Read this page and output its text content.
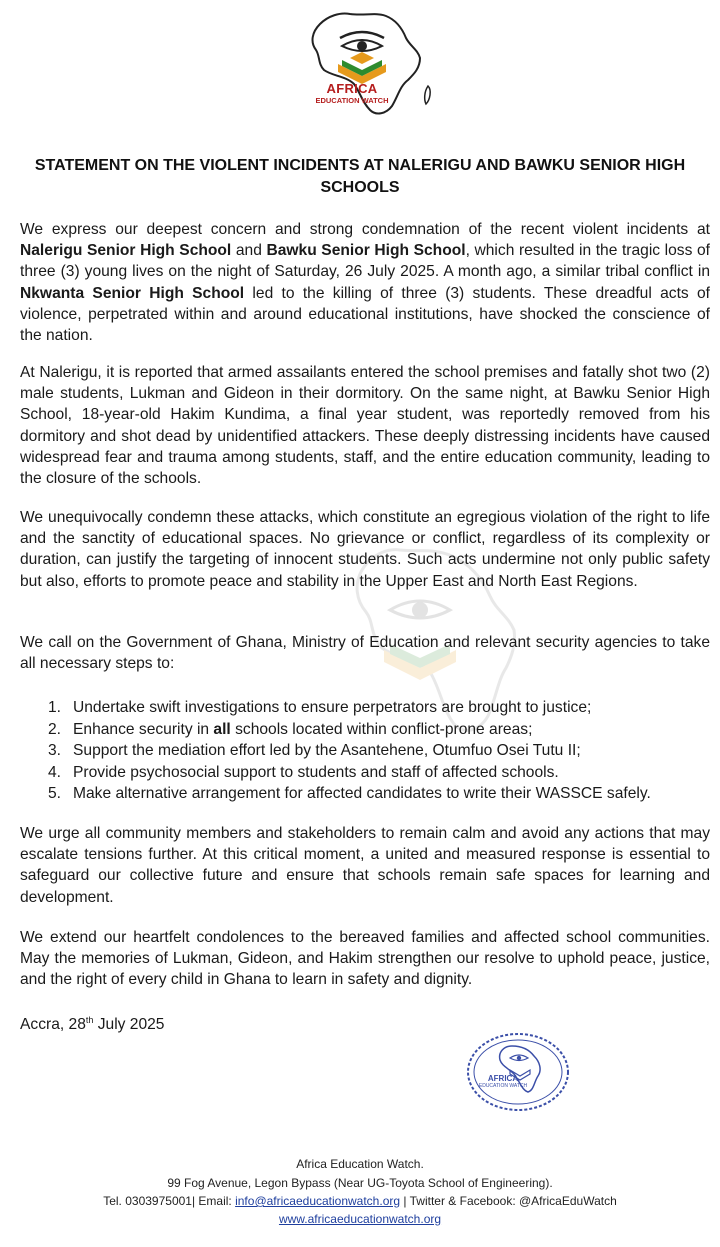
AFRICA
EDUCATION WATCH
STATEMENT ON THE VIOLENT INCIDENTS AT NALERIGU AND BAWKU SENIOR HIGH SCHOOLS

We express our deepest concern and strong condemnation of the recent violent incidents at Nalerigu Senior High School and Bawku Senior High School, which resulted in the tragic loss of three (3) young lives on the night of Saturday, 26 July 2025. A month ago, a similar tribal conflict in Nkwanta Senior High School led to the killing of three (3) students. These dreadful acts of violence, perpetrated within and around educational institutions, have shocked the conscience of the nation.

At Nalerigu, it is reported that armed assailants entered the school premises and fatally shot two (2) male students, Lukman and Gideon in their dormitory. On the same night, at Bawku Senior High School, 18-year-old Hakim Kundima, a final year student, was reportedly removed from his dormitory and shot dead by unidentified attackers. These deeply distressing incidents have caused widespread fear and trauma among students, staff, and the entire education community, leading to the closure of the schools.

We unequivocally condemn these attacks, which constitute an egregious violation of the right to life and the sanctity of educational spaces. No grievance or conflict, regardless of its complexity or duration, can justify the targeting of innocent students. Such acts undermine not only public safety but also, efforts to promote peace and stability in the Upper East and North East Regions.

We call on the Government of Ghana, Ministry of Education and relevant security agencies to take all necessary steps to:

1. Undertake swift investigations to ensure perpetrators are brought to justice;
2. Enhance security in all schools located within conflict-prone areas;
3. Support the mediation effort led by the Asantehene, Otumfuo Osei Tutu II;
4. Provide psychosocial support to students and staff of affected schools.
5. Make alternative arrangement for affected candidates to write their WASSCE safely.

We urge all community members and stakeholders to remain calm and avoid any actions that may escalate tensions further. At this critical moment, a united and measured response is essential to safeguard our collective future and ensure that schools remain safe spaces for learning and development.

We extend our heartfelt condolences to the bereaved families and affected school communities. May the memories of Lukman, Gideon, and Hakim strengthen our resolve to uphold peace, justice, and the right of every child in Ghana to learn in safety and dignity.

Accra, 28th July 2025
AFRICA
EDUCATION WATCH
Africa Education Watch.
99 Fog Avenue, Legon Bypass (Near UG-Toyota School of Engineering).
Tel. 0303975001| Email: info@africaeducationwatch.org | Twitter & Facebook: @AfricaEduWatch
www.africaeducationwatch.org
